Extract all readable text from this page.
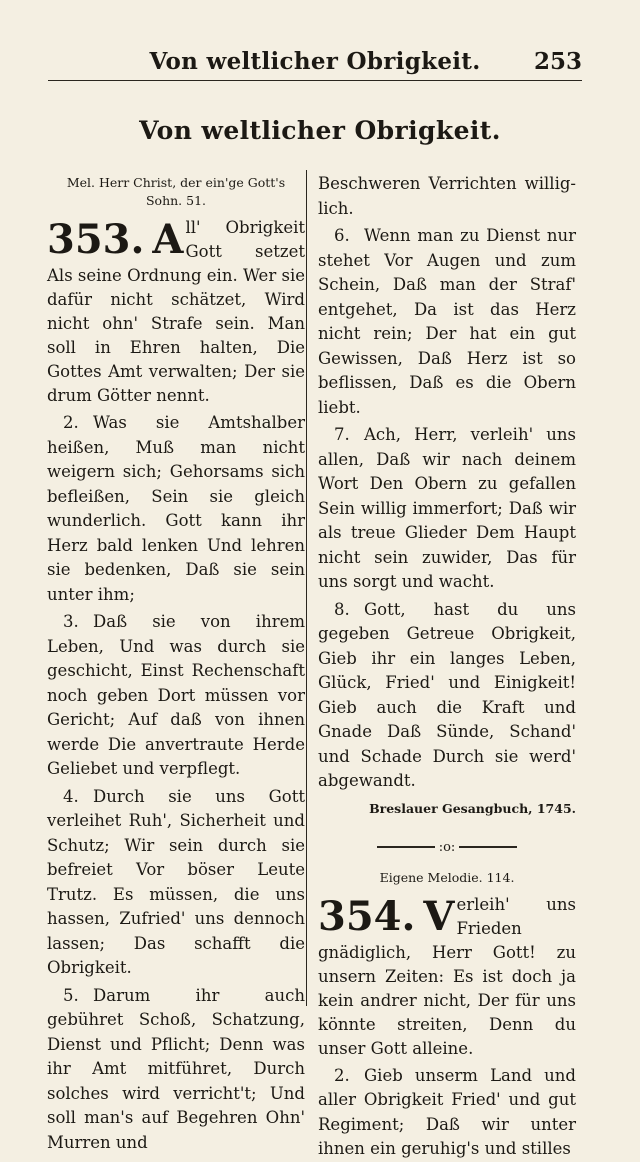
Von weltlicher Obrigkeit.	253
Von weltlicher Obrigkeit.
Mel. Herr Christ, der ein'ge Gott's Sohn. 51.
353. A ll' Obrigkeit Gott setzet Als seine Ordnung ein. Wer sie dafür nicht schätzet, Wird nicht ohn' Strafe sein. Man soll in Ehren halten, Die Gottes Amt verwalten; Der sie drum Götter nennt.
2. Was sie Amtshalber heißen, Muß man nicht weigern sich; Gehorsams sich befleißen, Sein sie gleich wunderlich. Gott kann ihr Herz bald lenken Und lehren sie bedenken, Daß sie sein unter ihm;
3. Daß sie von ihrem Leben, Und was durch sie geschicht, Einst Rechenschaft noch geben Dort müssen vor Gericht; Auf daß von ihnen werde Die anvertraute Herde Geliebet und verpflegt.
4. Durch sie uns Gott verleihet Ruh', Sicherheit und Schutz; Wir sein durch sie befreiet Vor böser Leute Trutz. Es müssen, die uns hassen, Zufried' uns dennoch lassen; Das schafft die Obrigkeit.
5. Darum ihr auch gebühret Schoß, Schatzung, Dienst und Pflicht; Denn was ihr Amt mitführet, Durch solches wird verricht't; Und soll man's auf Begehren Ohn' Murren und
Beschweren Verrichten willig-lich.
6. Wenn man zu Dienst nur stehet Vor Augen und zum Schein, Daß man der Straf' entgehet, Da ist das Herz nicht rein; Der hat ein gut Gewissen, Daß Herz ist so beflissen, Daß es die Obern liebt.
7. Ach, Herr, verleih' uns allen, Daß wir nach deinem Wort Den Obern zu gefallen Sein willig immerfort; Daß wir als treue Glieder Dem Haupt nicht sein zuwider, Das für uns sorgt und wacht.
8. Gott, hast du uns gegeben Getreue Obrigkeit, Gieb ihr ein langes Leben, Glück, Fried' und Einigkeit! Gieb auch die Kraft und Gnade Daß Sünde, Schand' und Schade Durch sie werd' abgewandt.
Breslauer Gesangbuch, 1745.
:o:
Eigene Melodie. 114.
354. V erleih' uns Frieden gnädiglich, Herr Gott! zu unsern Zeiten: Es ist doch ja kein andrer nicht, Der für uns könnte streiten, Denn du unser Gott alleine.
2. Gieb unserm Land und aller Obrigkeit Fried' und gut Regiment; Daß wir unter ihnen ein geruhig's und stilles
